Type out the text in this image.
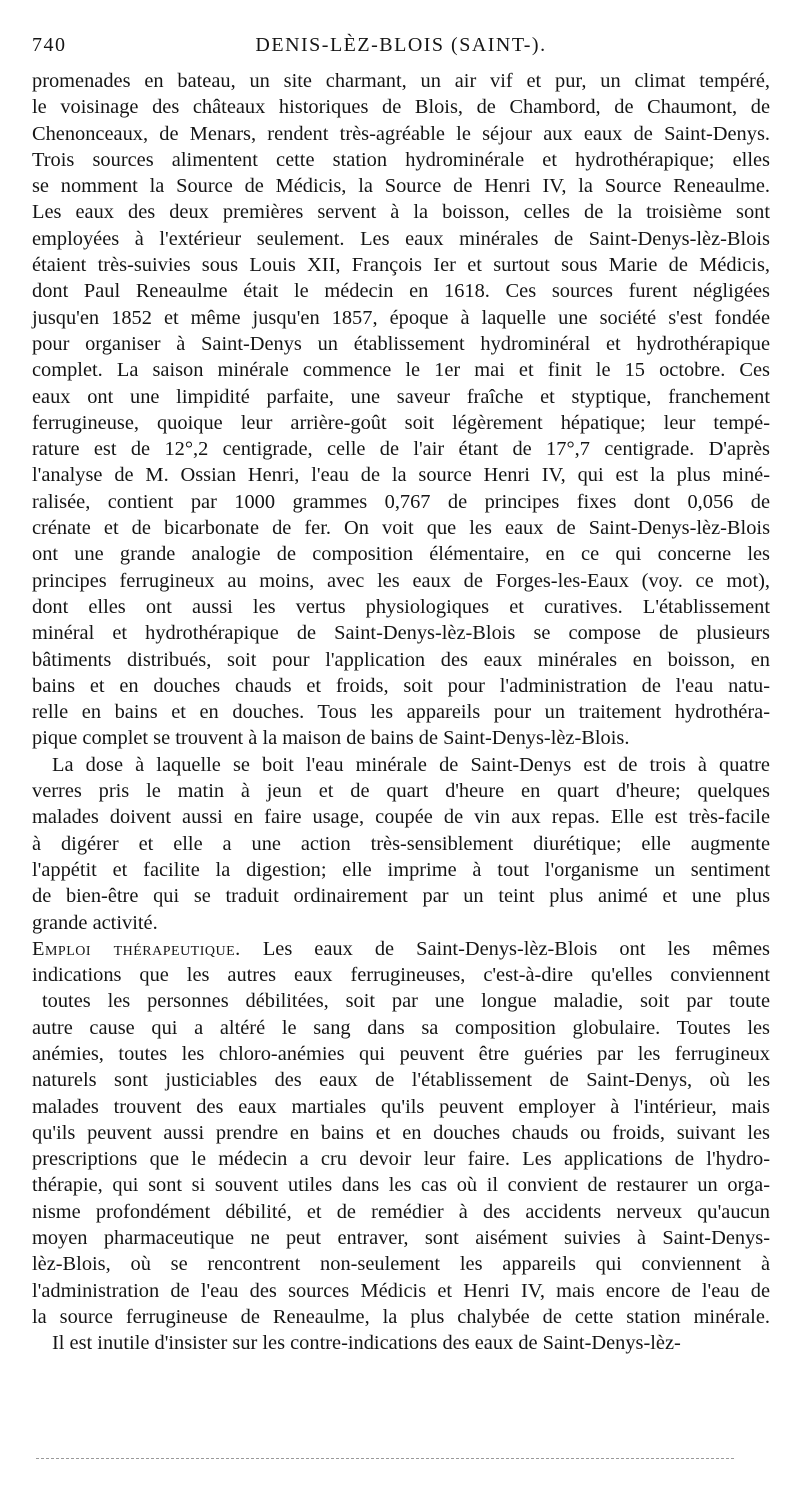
740	DENIS-LÈZ-BLOIS (SAINT-).

promenades en bateau, un site charmant, un air vif et pur, un climat tempéré,
le voisinage des châteaux historiques de Blois, de Chambord, de Chaumont, de
Chenonceaux, de Menars, rendent très-agréable le séjour aux eaux de Saint-Denys.
Trois sources alimentent cette station hydrominérale et hydrothérapique; elles
se nomment la Source de Médicis, la Source de Henri IV, la Source Reneaulme.
Les eaux des deux premières servent à la boisson, celles de la troisième sont
employées à l'extérieur seulement. Les eaux minérales de Saint-Denys-lèz-Blois
étaient très-suivies sous Louis XII, François Ier et surtout sous Marie de Médicis,
dont Paul Reneaulme était le médecin en 1618. Ces sources furent négligées
jusqu'en 1852 et même jusqu'en 1857, époque à laquelle une société s'est fondée
pour organiser à Saint-Denys un établissement hydrominéral et hydrothérapique
complet. La saison minérale commence le 1er mai et finit le 15 octobre. Ces
eaux ont une limpidité parfaite, une saveur fraîche et styptique, franchement
ferrugineuse, quoique leur arrière-goût soit légèrement hépatique; leur tempé-
rature est de 12°,2 centigrade, celle de l'air étant de 17°,7 centigrade. D'après
l'analyse de M. Ossian Henri, l'eau de la source Henri IV, qui est la plus miné-
ralisée, contient par 1000 grammes 0,767 de principes fixes dont 0,056 de
crénate et de bicarbonate de fer. On voit que les eaux de Saint-Denys-lèz-Blois
ont une grande analogie de composition élémentaire, en ce qui concerne les
principes ferrugineux au moins, avec les eaux de Forges-les-Eaux (voy. ce mot),
dont elles ont aussi les vertus physiologiques et curatives. L'établissement
minéral et hydrothérapique de Saint-Denys-lèz-Blois se compose de plusieurs
bâtiments distribués, soit pour l'application des eaux minérales en boisson, en
bains et en douches chauds et froids, soit pour l'administration de l'eau natu-
relle en bains et en douches. Tous les appareils pour un traitement hydrothéra-
pique complet se trouvent à la maison de bains de Saint-Denys-lèz-Blois.

La dose à laquelle se boit l'eau minérale de Saint-Denys est de trois à quatre
verres pris le matin à jeun et de quart d'heure en quart d'heure; quelques
malades doivent aussi en faire usage, coupée de vin aux repas. Elle est très-facile
à digérer et elle a une action très-sensiblement diurétique; elle augmente
l'appétit et facilite la digestion; elle imprime à tout l'organisme un sentiment
de bien-être qui se traduit ordinairement par un teint plus animé et une plus
grande activité.

Emploi thérapeutique. Les eaux de Saint-Denys-lèz-Blois ont les mêmes
indications que les autres eaux ferrugineuses, c'est-à-dire qu'elles conviennent
toutes les personnes débilitées, soit par une longue maladie, soit par toute
autre cause qui a altéré le sang dans sa composition globulaire. Toutes les
anémies, toutes les chloro-anémies qui peuvent être guéries par les ferrugineux
naturels sont justiciables des eaux de l'établissement de Saint-Denys, où les
malades trouvent des eaux martiales qu'ils peuvent employer à l'intérieur, mais
qu'ils peuvent aussi prendre en bains et en douches chauds ou froids, suivant les
prescriptions que le médecin a cru devoir leur faire. Les applications de l'hydro-
thérapie, qui sont si souvent utiles dans les cas où il convient de restaurer un orga-
nisme profondément débilité, et de remédier à des accidents nerveux qu'aucun
moyen pharmaceutique ne peut entraver, sont aisément suivies à Saint-Denys-
lèz-Blois, où se rencontrent non-seulement les appareils qui conviennent à
l'administration de l'eau des sources Médicis et Henri IV, mais encore de l'eau de
la source ferrugineuse de Reneaulme, la plus chalybée de cette station minérale.

Il est inutile d'insister sur les contre-indications des eaux de Saint-Denys-lèz-
